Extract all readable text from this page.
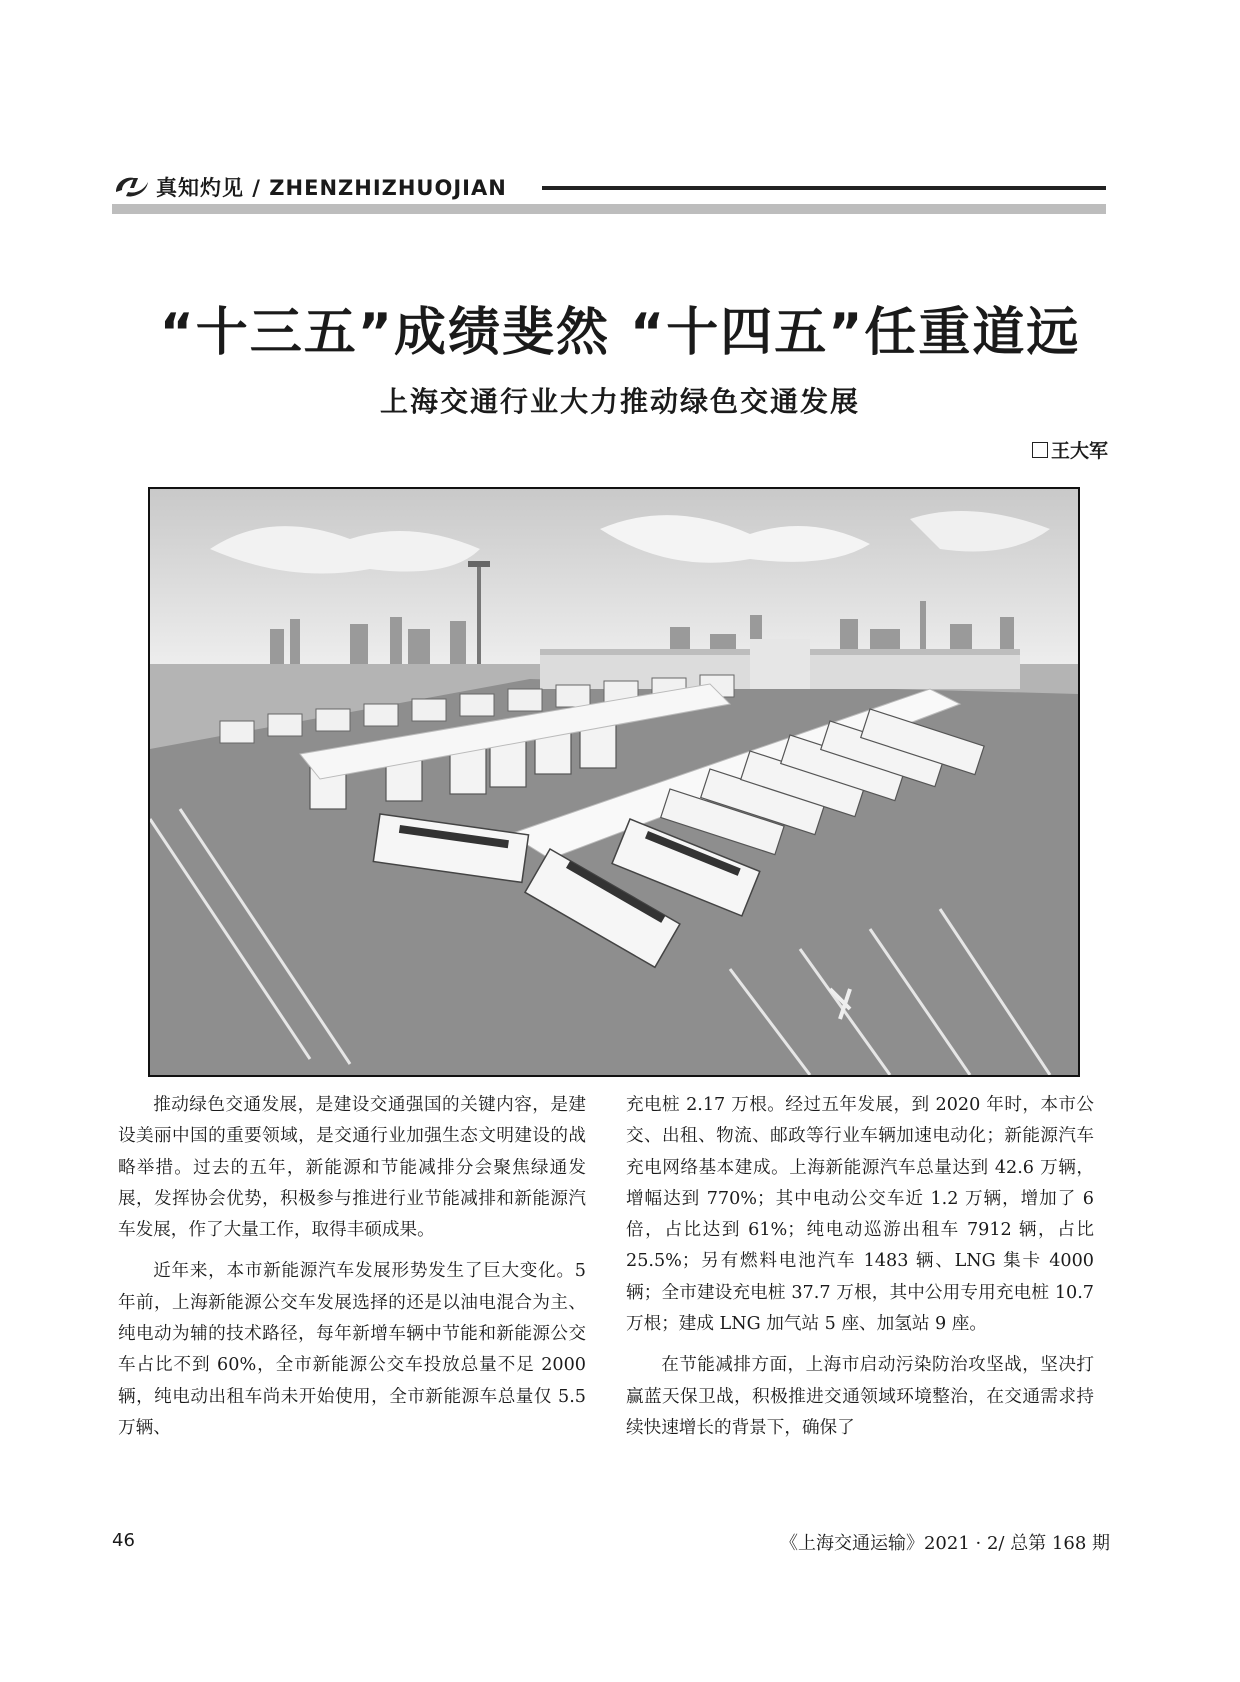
真知灼见 / ZHENZHIZHUOJIAN
“十三五”成绩斐然 “十四五”任重道远
上海交通行业大力推动绿色交通发展
王大军

推动绿色交通发展，是建设交通强国的关键内容，是建设美丽中国的重要领域，是交通行业加强生态文明建设的战略举措。过去的五年，新能源和节能减排分会聚焦绿通发展，发挥协会优势，积极参与推进行业节能减排和新能源汽车发展，作了大量工作，取得丰硕成果。

近年来，本市新能源汽车发展形势发生了巨大变化。5 年前，上海新能源公交车发展选择的还是以油电混合为主、纯电动为辅的技术路径，每年新增车辆中节能和新能源公交车占比不到 60%，全市新能源公交车投放总量不足 2000 辆，纯电动出租车尚未开始使用，全市新能源车总量仅 5.5 万辆、

充电桩 2.17 万根。经过五年发展，到 2020 年时，本市公交、出租、物流、邮政等行业车辆加速电动化；新能源汽车充电网络基本建成。上海新能源汽车总量达到 42.6 万辆，增幅达到 770%；其中电动公交车近 1.2 万辆，增加了 6 倍，占比达到 61%；纯电动巡游出租车 7912 辆，占比 25.5%；另有燃料电池汽车 1483 辆、LNG 集卡 4000 辆；全市建设充电桩 37.7 万根，其中公用专用充电桩 10.7 万根；建成 LNG 加气站 5 座、加氢站 9 座。

在节能减排方面，上海市启动污染防治攻坚战，坚决打赢蓝天保卫战，积极推进交通领域环境整治，在交通需求持续快速增长的背景下，确保了

46	《上海交通运输》2021 · 2/ 总第 168 期
